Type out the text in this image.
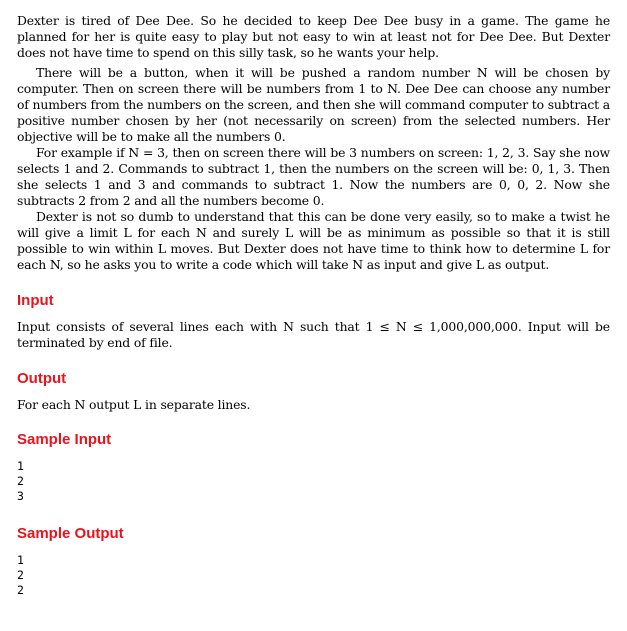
Dexter is tired of Dee Dee. So he decided to keep Dee Dee busy in a game. The game he planned for her is quite easy to play but not easy to win at least not for Dee Dee. But Dexter does not have time to spend on this silly task, so he wants your help.

There will be a button, when it will be pushed a random number N will be chosen by computer. Then on screen there will be numbers from 1 to N. Dee Dee can choose any number of numbers from the numbers on the screen, and then she will command computer to subtract a positive number chosen by her (not necessarily on screen) from the selected numbers. Her objective will be to make all the numbers 0.

For example if N = 3, then on screen there will be 3 numbers on screen: 1, 2, 3. Say she now selects 1 and 2. Commands to subtract 1, then the numbers on the screen will be: 0, 1, 3. Then she selects 1 and 3 and commands to subtract 1. Now the numbers are 0, 0, 2. Now she subtracts 2 from 2 and all the numbers become 0.

Dexter is not so dumb to understand that this can be done very easily, so to make a twist he will give a limit L for each N and surely L will be as minimum as possible so that it is still possible to win within L moves. But Dexter does not have time to think how to determine L for each N, so he asks you to write a code which will take N as input and give L as output.

Input

Input consists of several lines each with N such that 1 ≤ N ≤ 1,000,000,000. Input will be terminated by end of file.

Output

For each N output L in separate lines.

Sample Input
1
2
3
Sample Output
1
2
2
